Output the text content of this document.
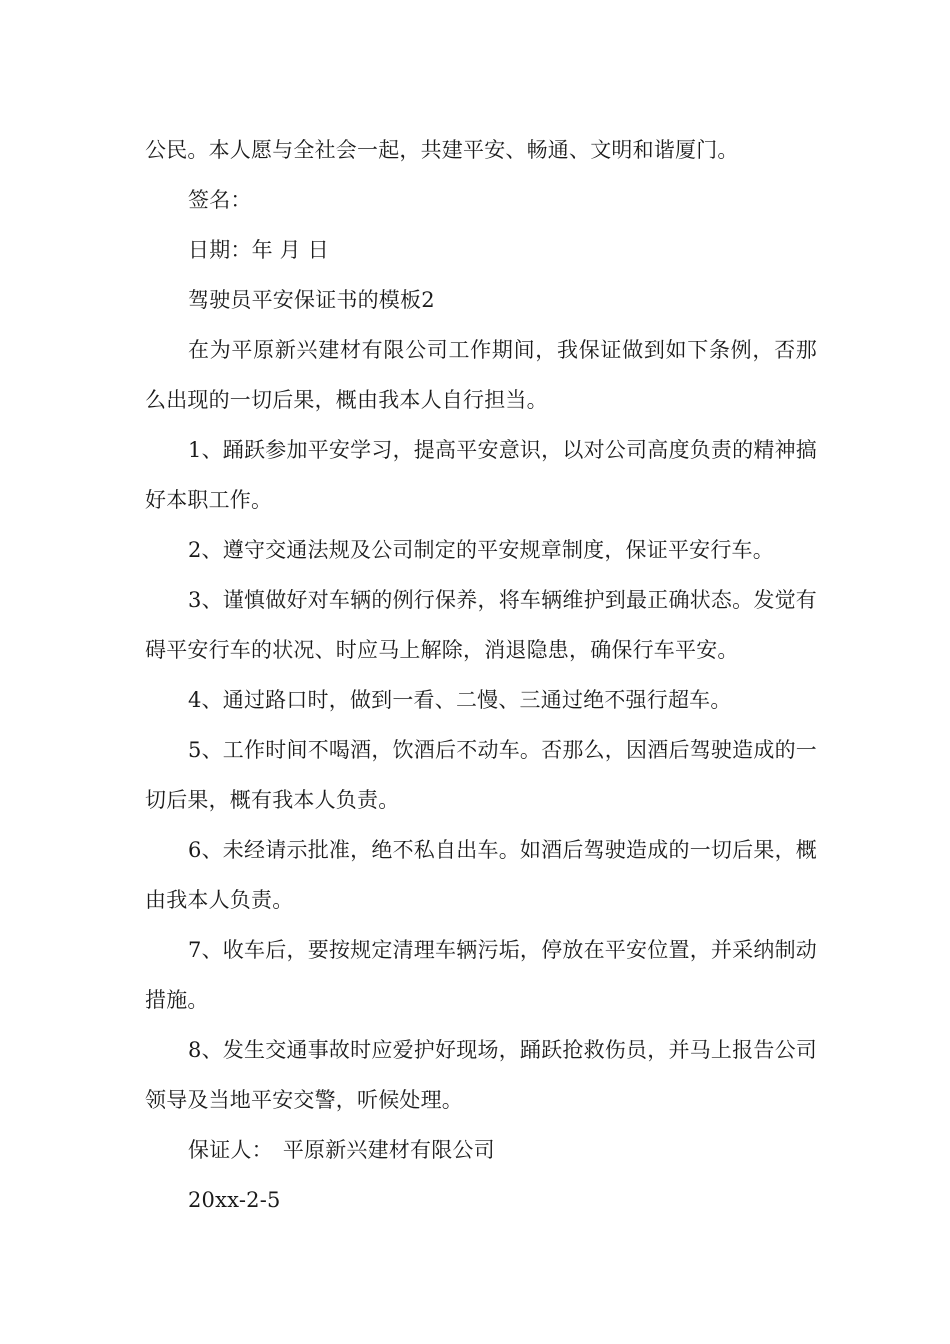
公民。本人愿与全社会一起，共建平安、畅通、文明和谐厦门。

签名：

日期：年 月 日

驾驶员平安保证书的模板2

在为平原新兴建材有限公司工作期间，我保证做到如下条例，否那么出现的一切后果，概由我本人自行担当。

1、踊跃参加平安学习，提高平安意识，以对公司高度负责的精神搞好本职工作。

2、遵守交通法规及公司制定的平安规章制度，保证平安行车。

3、谨慎做好对车辆的例行保养，将车辆维护到最正确状态。发觉有碍平安行车的状况、时应马上解除，消退隐患，确保行车平安。

4、通过路口时，做到一看、二慢、三通过绝不强行超车。

5、工作时间不喝酒，饮酒后不动车。否那么，因酒后驾驶造成的一切后果，概有我本人负责。

6、未经请示批准，绝不私自出车。如酒后驾驶造成的一切后果，概由我本人负责。

7、收车后，要按规定清理车辆污垢，停放在平安位置，并采纳制动措施。

8、发生交通事故时应爱护好现场，踊跃抢救伤员，并马上报告公司领导及当地平安交警，听候处理。

保证人： 平原新兴建材有限公司

20xx-2-5
